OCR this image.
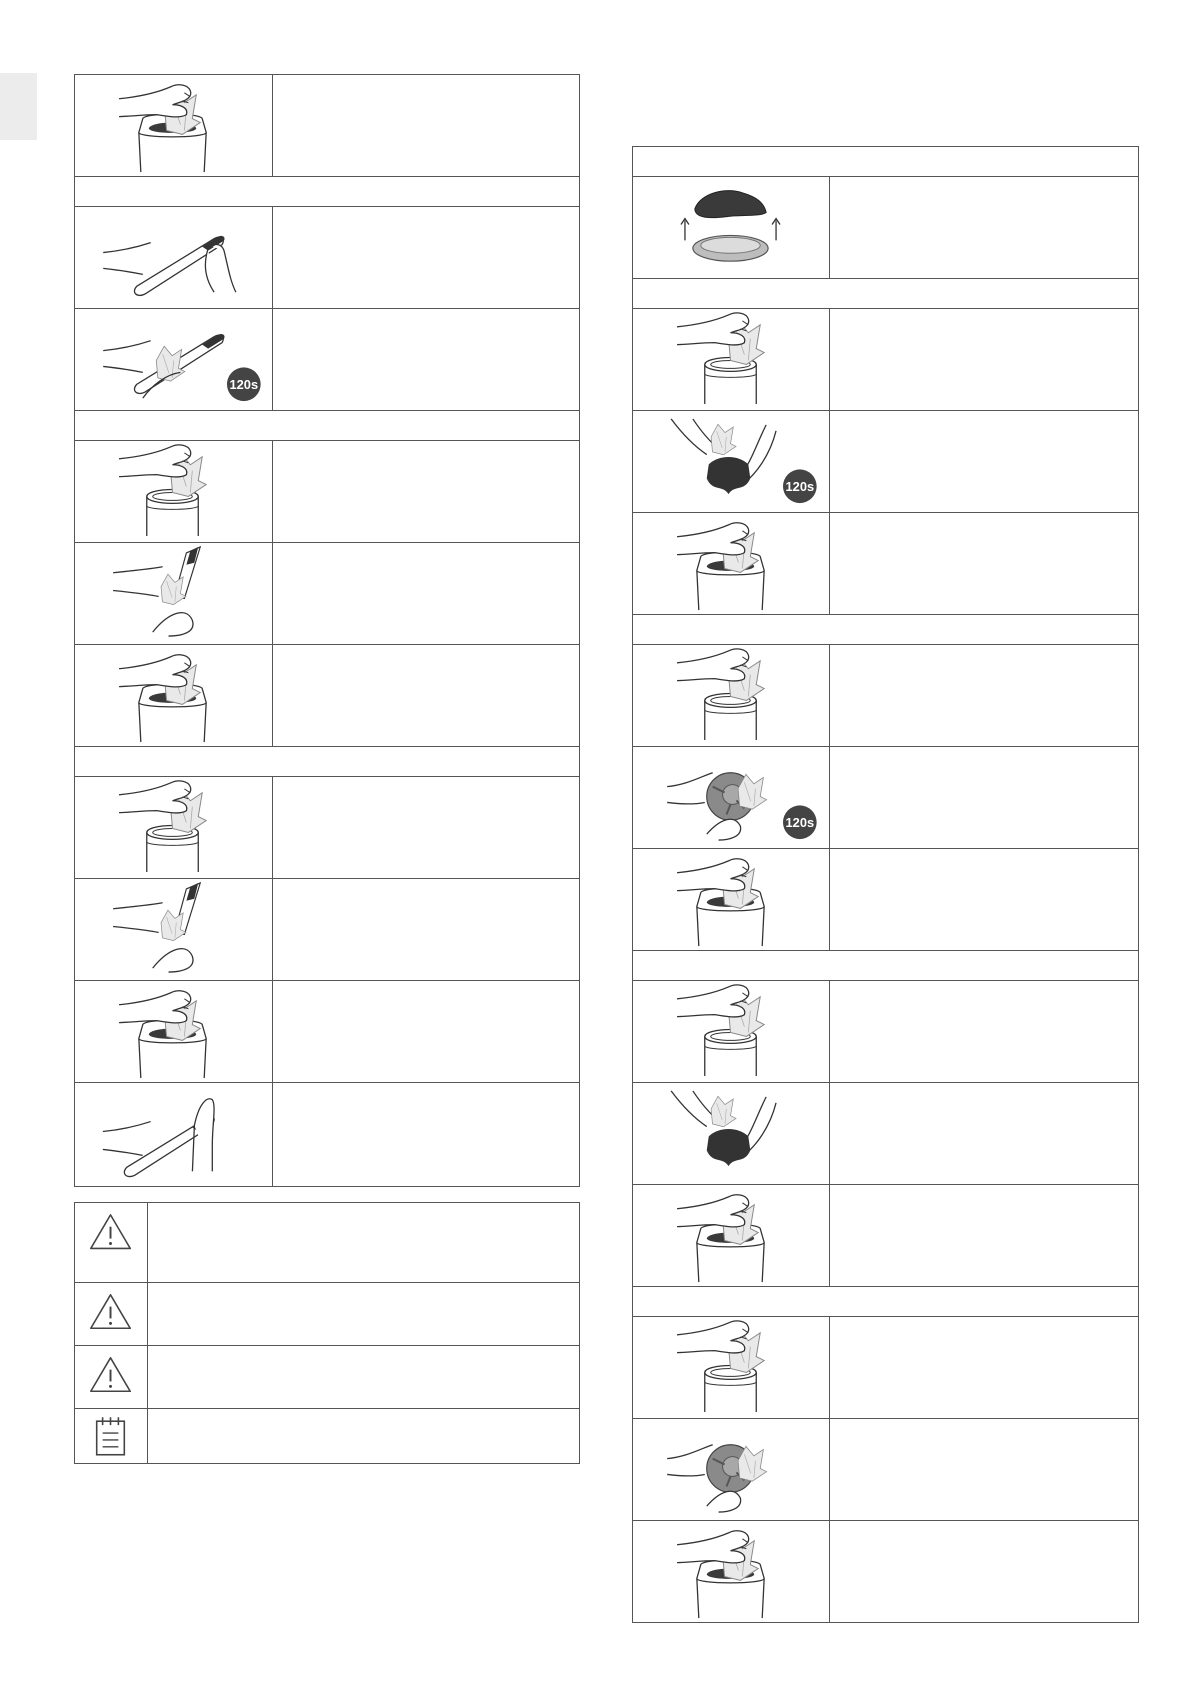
120s
120s
120s
